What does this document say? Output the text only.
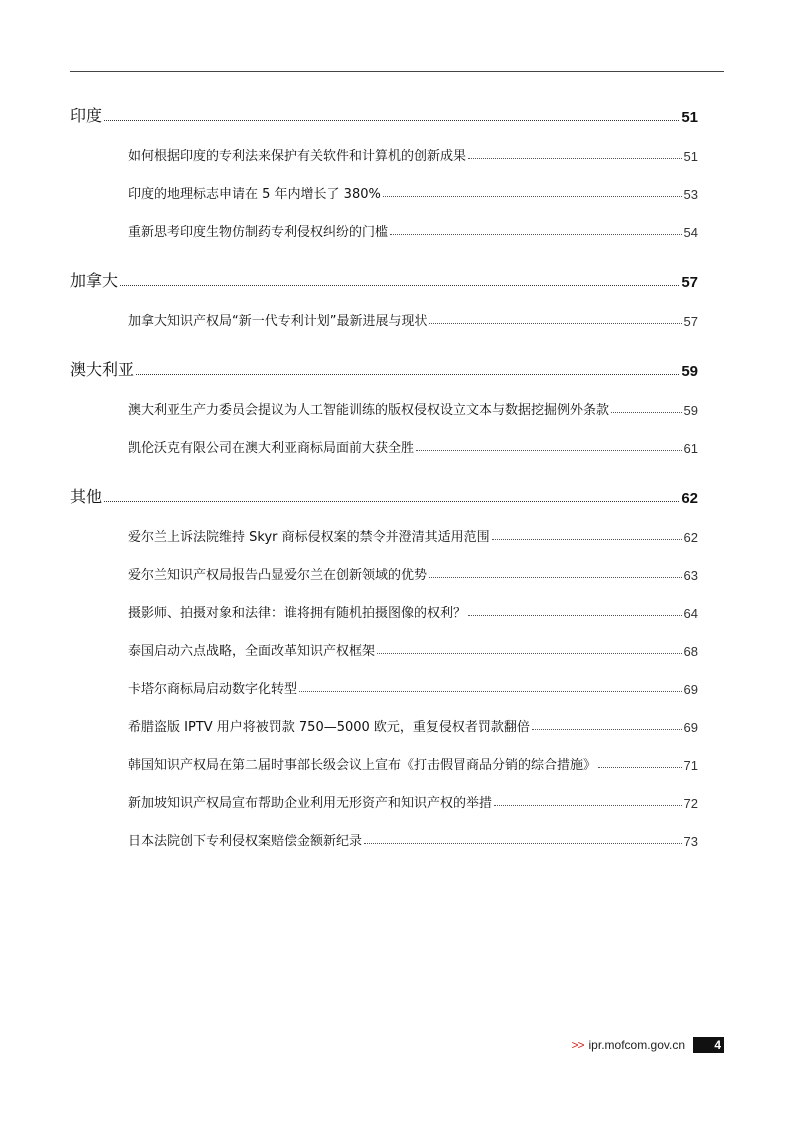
印度	51
如何根据印度的专利法来保护有关软件和计算机的创新成果	51
印度的地理标志申请在 5 年内增长了 380%	53
重新思考印度生物仿制药专利侵权纠纷的门槛	54
加拿大	57
加拿大知识产权局“新一代专利计划”最新进展与现状	57
澳大利亚	59
澳大利亚生产力委员会提议为人工智能训练的版权侵权设立文本与数据挖掘例外条款	59
凯伦沃克有限公司在澳大利亚商标局面前大获全胜	61
其他	62
爱尔兰上诉法院维持 Skyr 商标侵权案的禁令并澄清其适用范围	62
爱尔兰知识产权局报告凸显爱尔兰在创新领域的优势	63
摄影师、拍摄对象和法律：谁将拥有随机拍摄图像的权利？	64
泰国启动六点战略，全面改革知识产权框架	68
卡塔尔商标局启动数字化转型	69
希腊盗版 IPTV 用户将被罚款 750—5000 欧元，重复侵权者罚款翻倍	69
韩国知识产权局在第二届时事部长级会议上宣布《打击假冒商品分销的综合措施》	71
新加坡知识产权局宣布帮助企业利用无形资产和知识产权的举措	72
日本法院创下专利侵权案赔偿金额新纪录	73
>> ipr.mofcom.gov.cn	4
